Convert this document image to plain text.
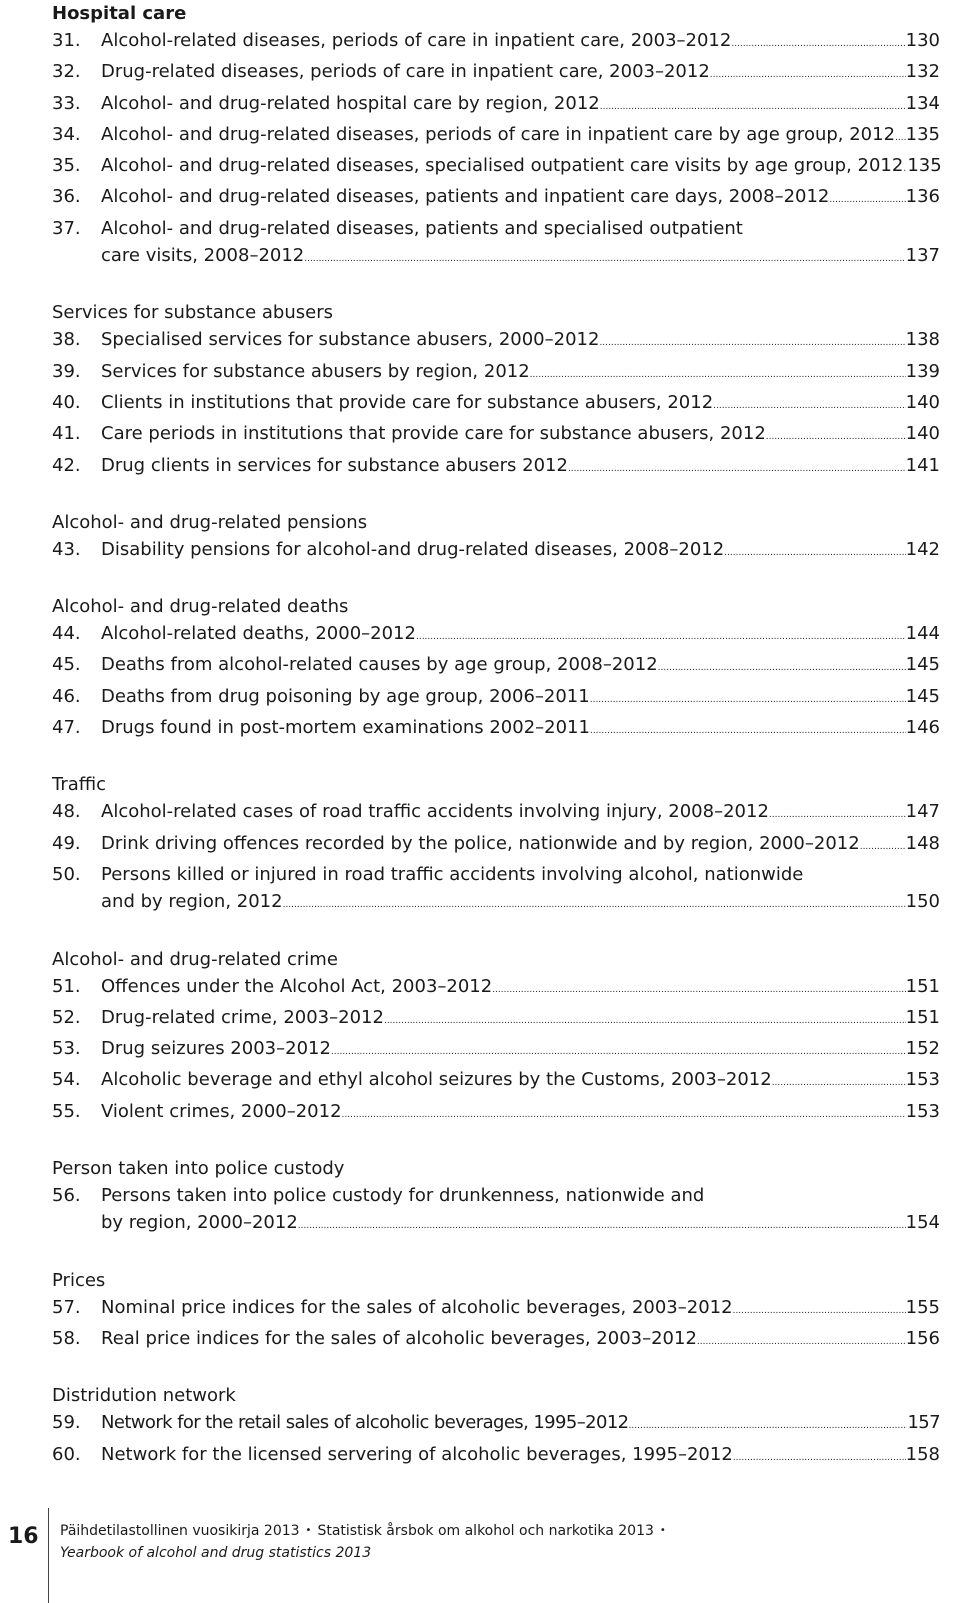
Hospital care
31.	Alcohol-related diseases, periods of care in inpatient care, 2003–2012 .....	130
32.	Drug-related diseases, periods of care in inpatient care, 2003–2012 .....	132
33.	Alcohol- and drug-related hospital care by region, 2012 .....	134
34.	Alcohol- and drug-related diseases, periods of care in inpatient care by age group, 2012 ..... 135
35.	Alcohol- and drug-related diseases, specialised outpatient care visits by age group, 2012 ..... 135
36.	Alcohol- and drug-related diseases, patients and inpatient care days, 2008–2012 .....	136
37.	Alcohol- and drug-related diseases, patients and specialised outpatient
care visits, 2008–2012 .....	137
Services for substance abusers
38.	Specialised services for substance abusers, 2000–2012 .....	138
39.	Services for substance abusers by region, 2012 .....	139
40.	Clients in institutions that provide care for substance abusers, 2012 .....	140
41.	Care periods in institutions that provide care for substance abusers, 2012 .....	140
42.	Drug clients in services for substance abusers 2012 .....	141
Alcohol- and drug-related pensions
43.	Disability pensions for alcohol-and drug-related diseases, 2008–2012 .....	142
Alcohol- and drug-related deaths
44.	Alcohol-related deaths, 2000–2012 .....	144
45.	Deaths from alcohol-related causes by age group, 2008–2012 .....	145
46.	Deaths from drug poisoning by age group, 2006–2011 .....	145
47.	Drugs found in post-mortem examinations 2002–2011 .....	146
Traffic
48.	Alcohol-related cases of road traffic accidents involving injury, 2008–2012 .....	147
49.	Drink driving offences recorded by the police, nationwide and by region, 2000–2012 .....	148
50.	Persons killed or injured in road traffic accidents involving alcohol, nationwide
and by region, 2012 .....	150
Alcohol- and drug-related crime
51.	Offences under the Alcohol Act, 2003–2012 .....	151
52.	Drug-related crime, 2003–2012 .....	151
53.	Drug seizures 2003–2012 .....	152
54.	Alcoholic beverage and ethyl alcohol seizures by the Customs, 2003–2012 .....	153
55.	Violent crimes, 2000–2012 .....	153
Person taken into police custody
56.	Persons taken into police custody for drunkenness, nationwide and
by region, 2000–2012 .....	154
Prices
57.	Nominal price indices for the sales of alcoholic beverages, 2003–2012 .....	155
58.	Real price indices for the sales of alcoholic beverages, 2003–2012 .....	156
Distridution network
59.	Network for the retail sales of alcoholic beverages, 1995–2012 .....	157
60.	Network for the licensed servering of alcoholic beverages, 1995–2012 .....	158
16 Päihdetilastollinen vuosikirja 2013 • Statistisk årsbok om alkohol och narkotika 2013 •
Yearbook of alcohol and drug statistics 2013
